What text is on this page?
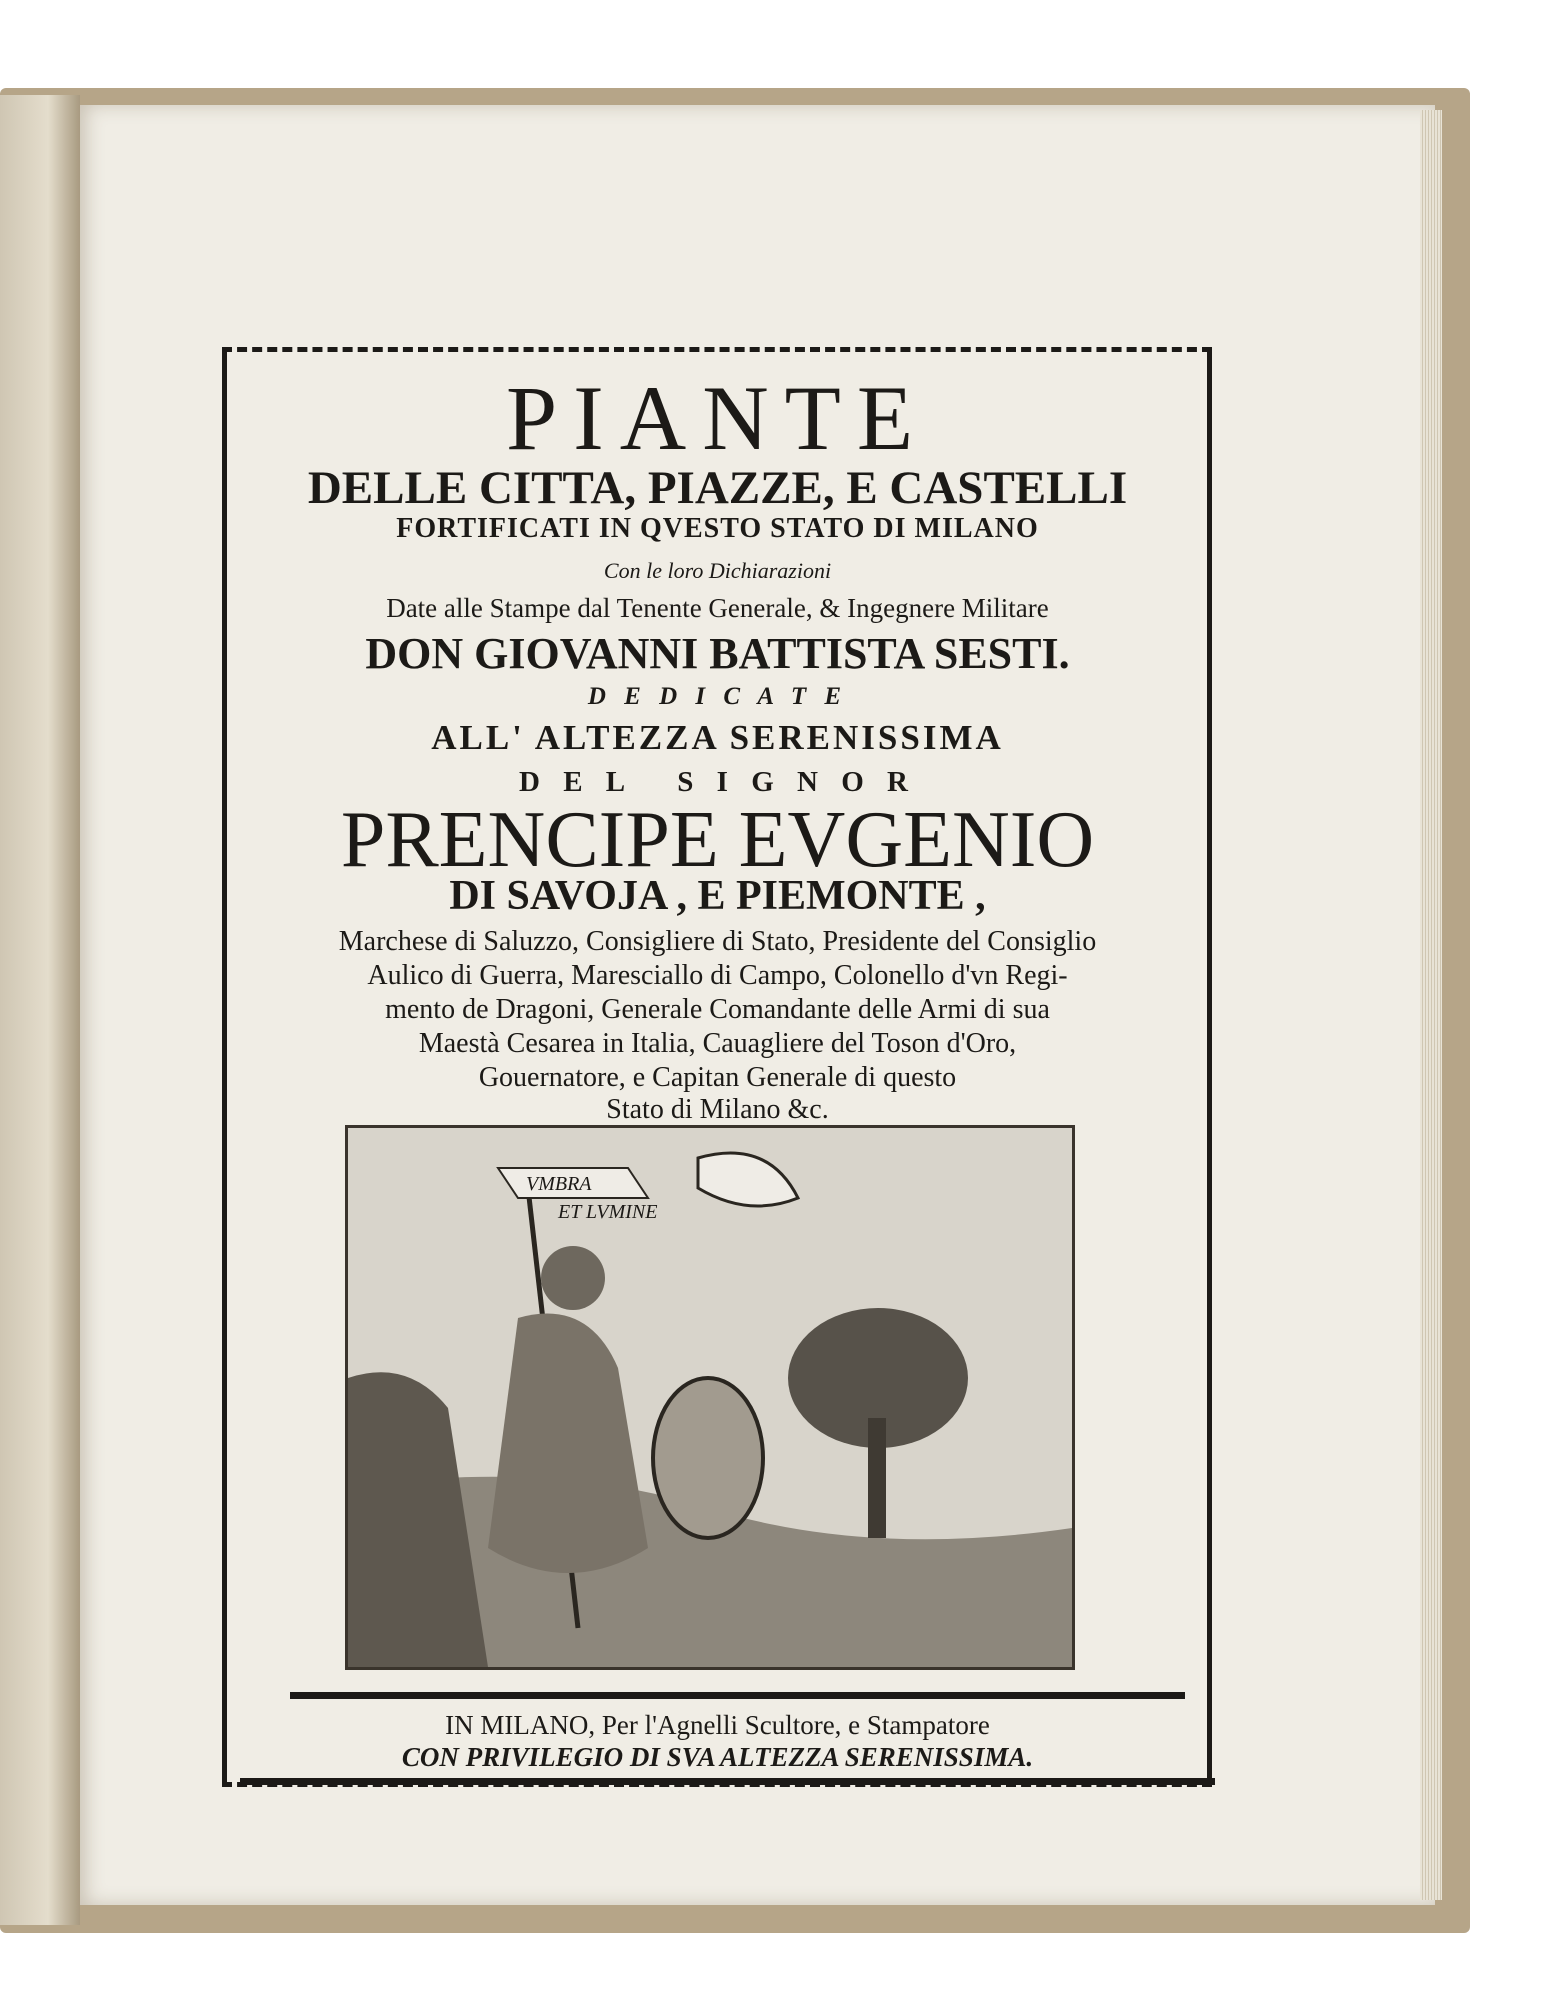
PIANTE
DELLE CITTA, PIAZZE, E CASTELLI
FORTIFICATI IN QVESTO STATO DI MILANO
Con le loro Dichiarazioni
Date alle Stampe dal Tenente Generale, & Ingegnere Militare
DON GIOVANNI BATTISTA SESTI.
D E D I C A T E
ALL' ALTEZZA SERENISSIMA
D E L   S I G N O R
PRENCIPE EVGENIO
DI SAVOJA , E PIEMONTE ,
Marchese di Saluzzo, Consigliere di Stato, Presidente del Consiglio
Aulico di Guerra, Maresciallo di Campo, Colonello d'vn Regi-
mento de Dragoni, Generale Comandante delle Armi di sua
Maestà Cesarea in Italia, Cauagliere del Toson d'Oro,
Gouernatore, e Capitan Generale di questo
Stato di Milano &c.
VMBRA
ET LVMINE
IN MILANO, Per l'Agnelli Scultore, e Stampatore
CON PRIVILEGIO DI SVA ALTEZZA SERENISSIMA.
